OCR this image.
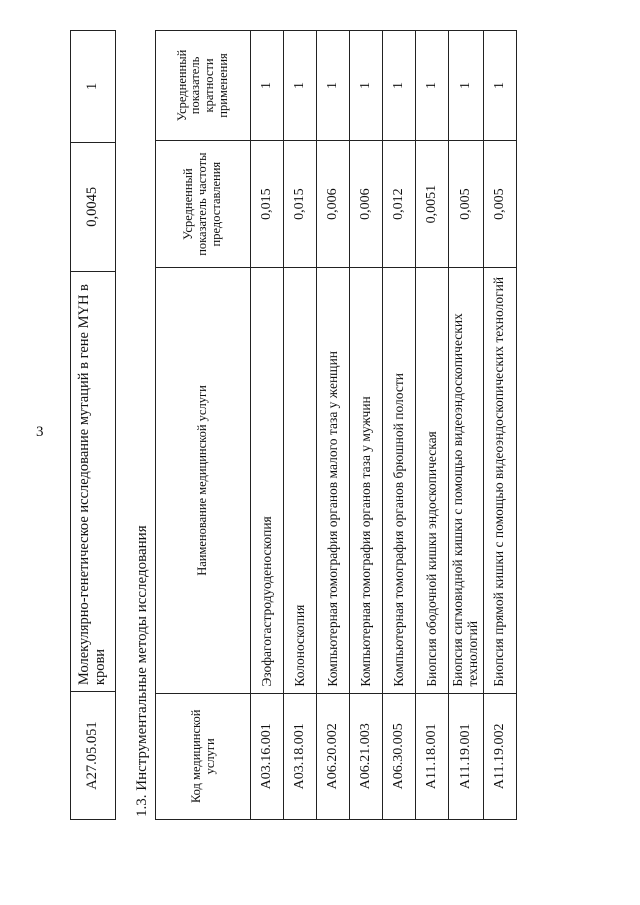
3
A27.05.051	Молекулярно-генетическое исследование мутаций в гене MYH в крови	0,0045	1
1.3. Инструментальные методы исследования	Код медицинской услуги	Наименование медицинской услуги	Усредненный показатель частоты предоставления	Усредненный показатель кратности применения
A03.16.001	Эзофагогастродуоденоскопия	0,015	1
A03.18.001	Колоноскопия	0,015	1
A06.20.002	Компьютерная томография органов малого таза у женщин	0,006	1
A06.21.003	Компьютерная томография органов таза у мужчин	0,006	1
A06.30.005	Компьютерная томография органов брюшной полости	0,012	1
A11.18.001	Биопсия ободочной кишки эндоскопическая	0,0051	1
A11.19.001	Биопсия сигмовидной кишки с помощью видеоэндоскопических технологий	0,005	1
A11.19.002	Биопсия прямой кишки с помощью видеоэндоскопических технологий	0,005	1
